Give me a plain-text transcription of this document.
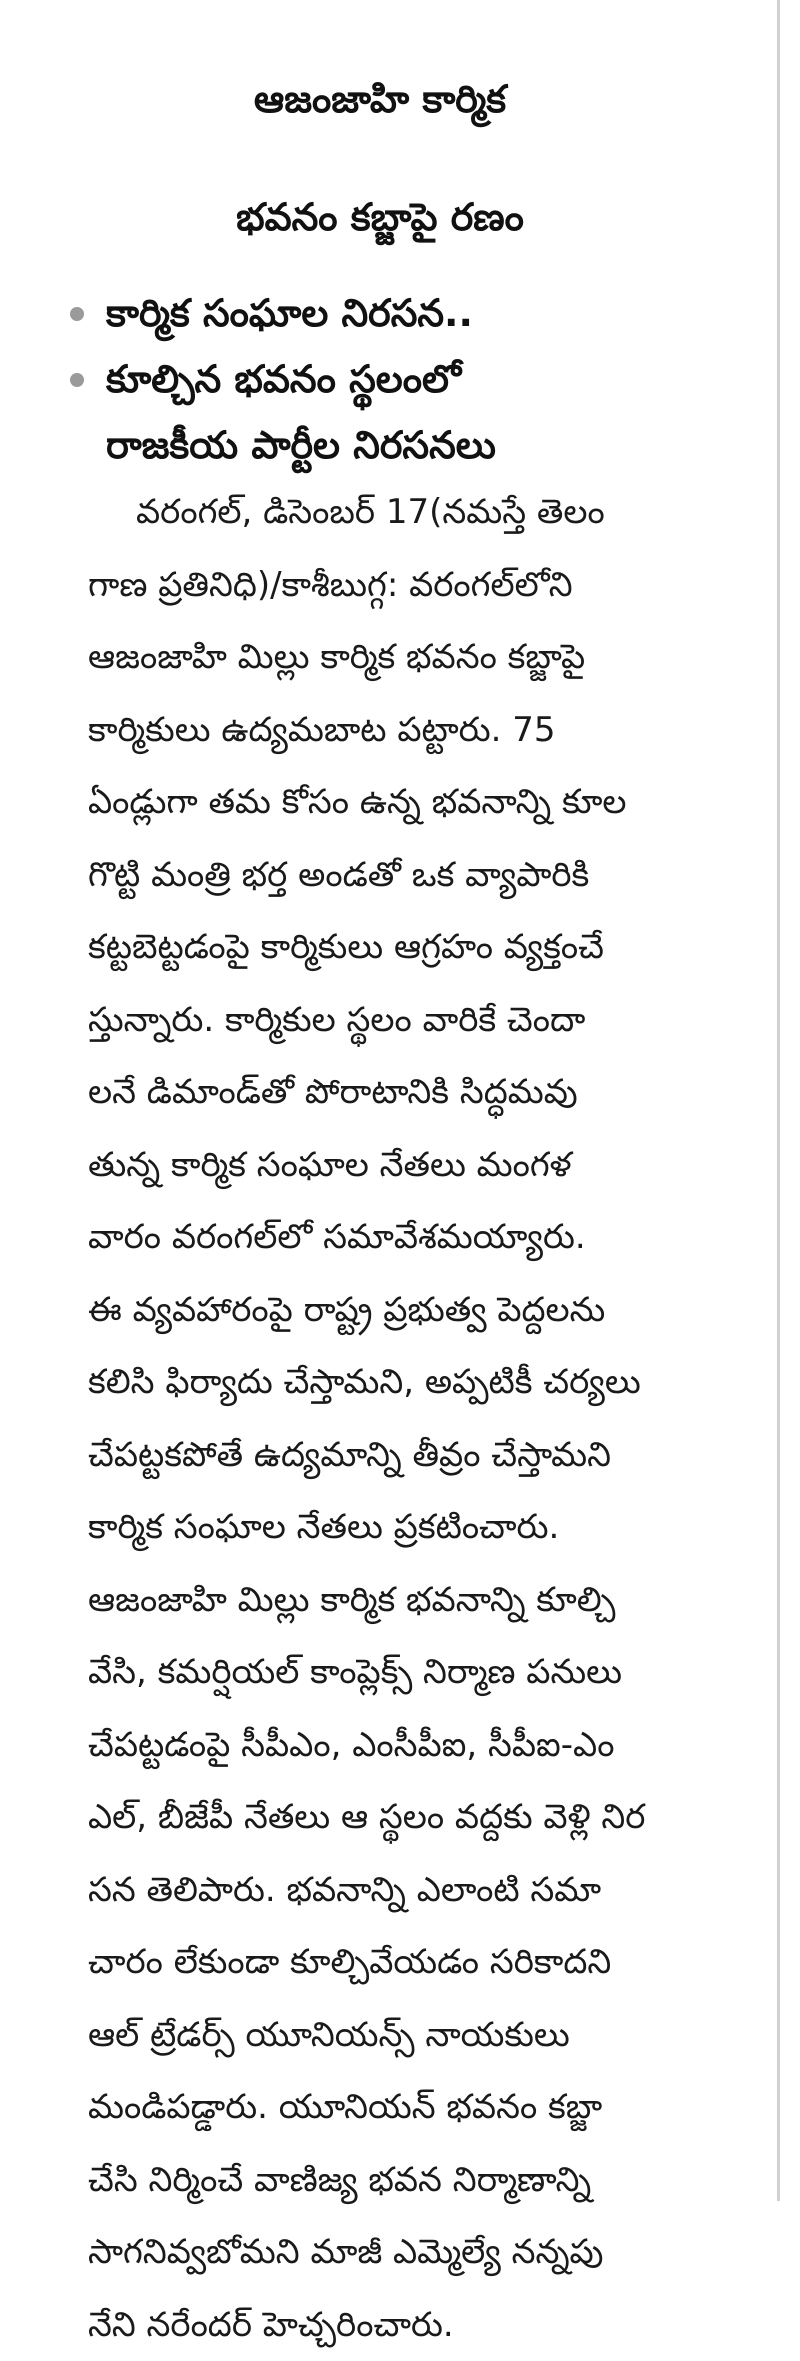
ఆజంజాహి కార్మిక
భవనం కబ్జాపై రణం
కార్మిక సంఘాల నిరసన..
కూల్చిన భవనం స్థలంలో
రాజకీయ పార్టీల నిరసనలు
వరంగల్, డిసెంబర్ 17(నమస్తే తెలం
గాణ ప్రతినిధి)/కాశీబుగ్గ: వరంగల్‌లోని
ఆజంజాహి మిల్లు కార్మిక భవనం కబ్జాపై
కార్మికులు ఉద్యమబాట పట్టారు. 75
ఏండ్లుగా తమ కోసం ఉన్న భవనాన్ని కూల
గొట్టి మంత్రి భర్త అండతో ఒక వ్యాపారికి
కట్టబెట్టడంపై కార్మికులు ఆగ్రహం వ్యక్తంచే
స్తున్నారు. కార్మికుల స్థలం వారికే చెందా
లనే డిమాండ్‌తో పోరాటానికి సిద్ధమవు
తున్న కార్మిక సంఘాల నేతలు మంగళ
వారం వరంగల్‌లో సమావేశమయ్యారు.
ఈ వ్యవహారంపై రాష్ట్ర ప్రభుత్వ పెద్దలను
కలిసి ఫిర్యాదు చేస్తామని, అప్పటికీ చర్యలు
చేపట్టకపోతే ఉద్యమాన్ని తీవ్రం చేస్తామని
కార్మిక సంఘాల నేతలు ప్రకటించారు.
ఆజంజాహి మిల్లు కార్మిక భవనాన్ని కూల్చి
వేసి, కమర్షియల్ కాంప్లెక్స్ నిర్మాణ పనులు
చేపట్టడంపై సీపీఎం, ఎంసీపీఐ, సీపీఐ-ఎం
ఎల్, బీజేపీ నేతలు ఆ స్థలం వద్దకు వెళ్లి నిర
సన తెలిపారు. భవనాన్ని ఎలాంటి సమా
చారం లేకుండా కూల్చివేయడం సరికాదని
ఆల్ ట్రేడర్స్ యూనియన్స్ నాయకులు
మండిపడ్డారు. యూనియన్ భవనం కబ్జా
చేసి నిర్మించే వాణిజ్య భవన నిర్మాణాన్ని
సాగనివ్వబోమని మాజీ ఎమ్మెల్యే నన్నపు
నేని నరేందర్ హెచ్చరించారు.
